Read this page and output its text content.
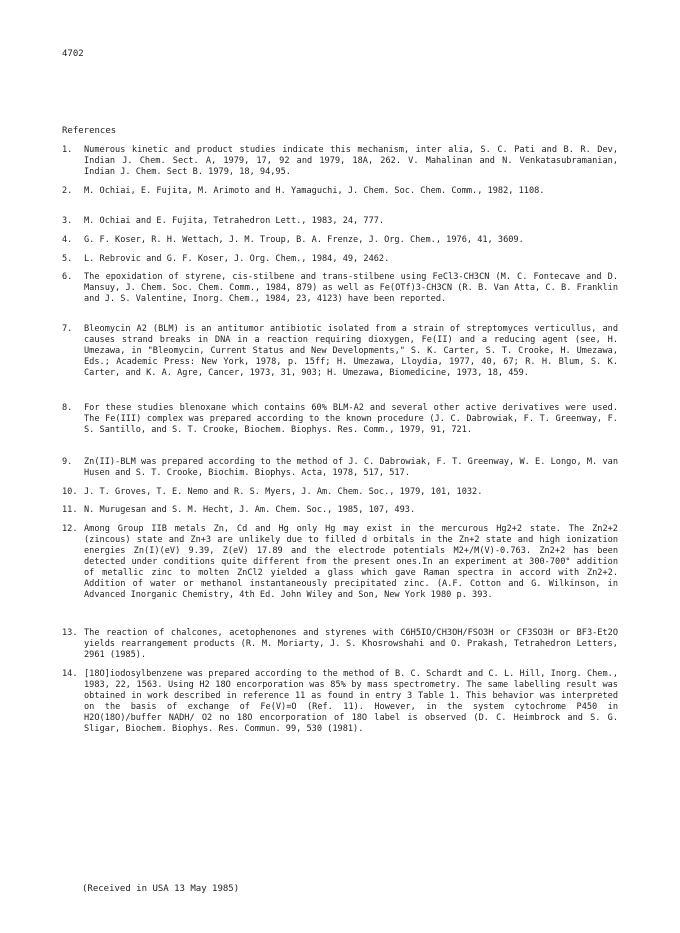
4702
References
1.	Numerous kinetic and product studies indicate this mechanism, inter alia, S. C. Pati and B. R. Dev, Indian J. Chem. Sect. A, 1979, 17, 92 and 1979, 18A, 262. V. Mahalinan and N. Venkatasubramanian, Indian J. Chem. Sect B. 1979, 18, 94,95.
2.	M. Ochiai, E. Fujita, M. Arimoto and H. Yamaguchi, J. Chem. Soc. Chem. Comm., 1982, 1108.
3.	M. Ochiai and E. Fujita, Tetrahedron Lett., 1983, 24, 777.
4.	G. F. Koser, R. H. Wettach, J. M. Troup, B. A. Frenze, J. Org. Chem., 1976, 41, 3609.
5.	L. Rebrovic and G. F. Koser, J. Org. Chem., 1984, 49, 2462.
6.	The epoxidation of styrene, cis-stilbene and trans-stilbene using FeCl3-CH3CN (M. C. Fontecave and D. Mansuy, J. Chem. Soc. Chem. Comm., 1984, 879) as well as Fe(OTf)3-CH3CN (R. B. Van Atta, C. B. Franklin and J. S. Valentine, Inorg. Chem., 1984, 23, 4123) have been reported.
7.	Bleomycin A2 (BLM) is an antitumor antibiotic isolated from a strain of streptomyces verticullus, and causes strand breaks in DNA in a reaction requiring dioxygen, Fe(II) and a reducing agent (see, H. Umezawa, in "Bleomycin, Current Status and New Developments," S. K. Carter, S. T. Crooke, H. Umezawa, Eds.; Academic Press: New York, 1978, p. 15ff; H. Umezawa, Lloydia, 1977, 40, 67; R. H. Blum, S. K. Carter, and K. A. Agre, Cancer, 1973, 31, 903; H. Umezawa, Biomedicine, 1973, 18, 459.
8.	For these studies blenoxane which contains 60% BLM-A2 and several other active derivatives were used. The Fe(III) complex was prepared according to the known procedure (J. C. Dabrowiak, F. T. Greenway, F. S. Santillo, and S. T. Crooke, Biochem. Biophys. Res. Comm., 1979, 91, 721.
9.	Zn(II)-BLM was prepared according to the method of J. C. Dabrowiak, F. T. Greenway, W. E. Longo, M. van Husen and S. T. Crooke, Biochim. Biophys. Acta, 1978, 517, 517.
10. J. T. Groves, T. E. Nemo and R. S. Myers, J. Am. Chem. Soc., 1979, 101, 1032.
11. N. Murugesan and S. M. Hecht, J. Am. Chem. Soc., 1985, 107, 493.
12. Among Group IIB metals Zn, Cd and Hg only Hg may exist in the mercurous Hg2+2 state. The Zn2+2 (zincous) state and Zn+3 are unlikely due to filled d orbitals in the Zn+2 state and high ionization energies Zn(I)(eV) 9.39, Z(eV) 17.89 and the electrode potentials M2+/M(V)-0.763. Zn2+2 has been detected under conditions quite different from the present ones.In an experiment at 300-700° addition of metallic zinc to molten ZnCl2 yielded a glass which gave Raman spectra in accord with Zn2+2. Addition of water or methanol instantaneously precipitated zinc. (A.F. Cotton and G. Wilkinson, in Advanced Inorganic Chemistry, 4th Ed. John Wiley and Son, New York 1980 p. 393.
13. The reaction of chalcones, acetophenones and styrenes with C6H5IO/CH3OH/FSO3H or CF3SO3H or BF3-Et2O yields rearrangement products (R. M. Moriarty, J. S. Khosrowshahi and O. Prakash, Tetrahedron Letters, 2961 (1985).
14. [18O]iodosylbenzene was prepared according to the method of B. C. Schardt and C. L. Hill, Inorg. Chem., 1983, 22, 1563. Using H2 18O encorporation was 85% by mass spectrometry. The same labelling result was obtained in work described in reference 11 as found in entry 3 Table 1. This behavior was interpreted on the basis of exchange of Fe(V)=O (Ref. 11). However, in the system cytochrome P450 in H2O(18O)/buffer NADH/ O2 no 18O encorporation of 18O label is observed (D. C. Heimbrock and S. G. Sligar, Biochem. Biophys. Res. Commun. 99, 530 (1981).
(Received in USA 13 May 1985)
